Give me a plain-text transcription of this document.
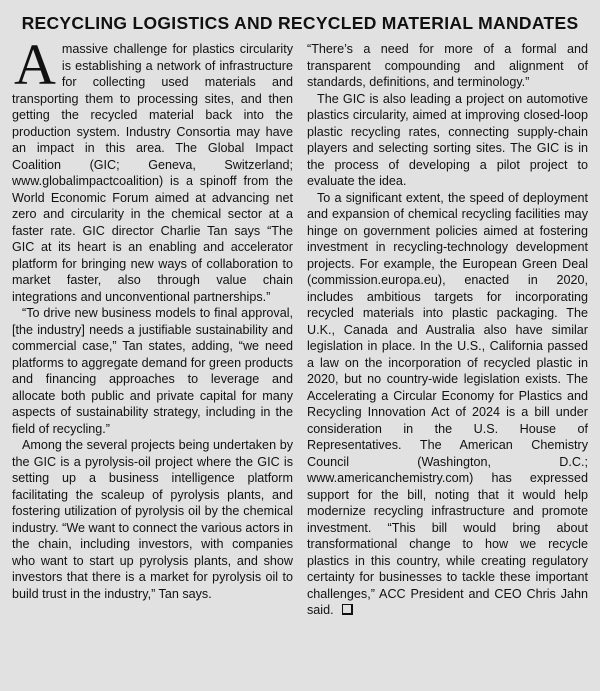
RECYCLING LOGISTICS AND RECYCLED MATERIAL MANDATES

A massive challenge for plastics circularity is establishing a network of infrastructure for collecting used materials and transporting them to processing sites, and then getting the recycled material back into the production system. Industry Consortia may have an impact in this area. The Global Impact Coalition (GIC; Geneva, Switzerland; www.globalimpactcoalition) is a spinoff from the World Economic Forum aimed at advancing net zero and circularity in the chemical sector at a faster rate. GIC director Charlie Tan says “The GIC at its heart is an enabling and accelerator platform for bringing new ways of collaboration to market faster, also through value chain integrations and unconventional partnerships.”

“To drive new business models to final approval, [the industry] needs a justifiable sustainability and commercial case,” Tan states, adding, “we need platforms to aggregate demand for green products and financing approaches to leverage and allocate both public and private capital for many aspects of sustainability strategy, including in the field of recycling.”

Among the several projects being undertaken by the GIC is a pyrolysis-oil project where the GIC is setting up a business intelligence platform facilitating the scaleup of pyrolysis plants, and fostering utilization of pyrolysis oil by the chemical industry. “We want to connect the various actors in the chain, including investors, with companies who want to start up pyrolysis plants, and show investors that there is a market for pyrolysis oil to build trust in the industry,” Tan says.

“There’s a need for more of a formal and transparent compounding and alignment of standards, definitions, and terminology.”

The GIC is also leading a project on automotive plastics circularity, aimed at improving closed-loop plastic recycling rates, connecting supply-chain players and selecting sorting sites. The GIC is in the process of developing a pilot project to evaluate the idea.

To a significant extent, the speed of deployment and expansion of chemical recycling facilities may hinge on government policies aimed at fostering investment in recycling-technology development projects. For example, the European Green Deal (commission.europa.eu), enacted in 2020, includes ambitious targets for incorporating recycled materials into plastic packaging. The U.K., Canada and Australia also have similar legislation in place. In the U.S., California passed a law on the incorporation of recycled plastic in 2020, but no country-wide legislation exists. The Accelerating a Circular Economy for Plastics and Recycling Innovation Act of 2024 is a bill under consideration in the U.S. House of Representatives. The American Chemistry Council (Washington, D.C.; www.americanchemistry.com) has expressed support for the bill, noting that it would help modernize recycling infrastructure and promote investment. “This bill would bring about transformational change to how we recycle plastics in this country, while creating regulatory certainty for businesses to tackle these important challenges,” ACC President and CEO Chris Jahn said.
